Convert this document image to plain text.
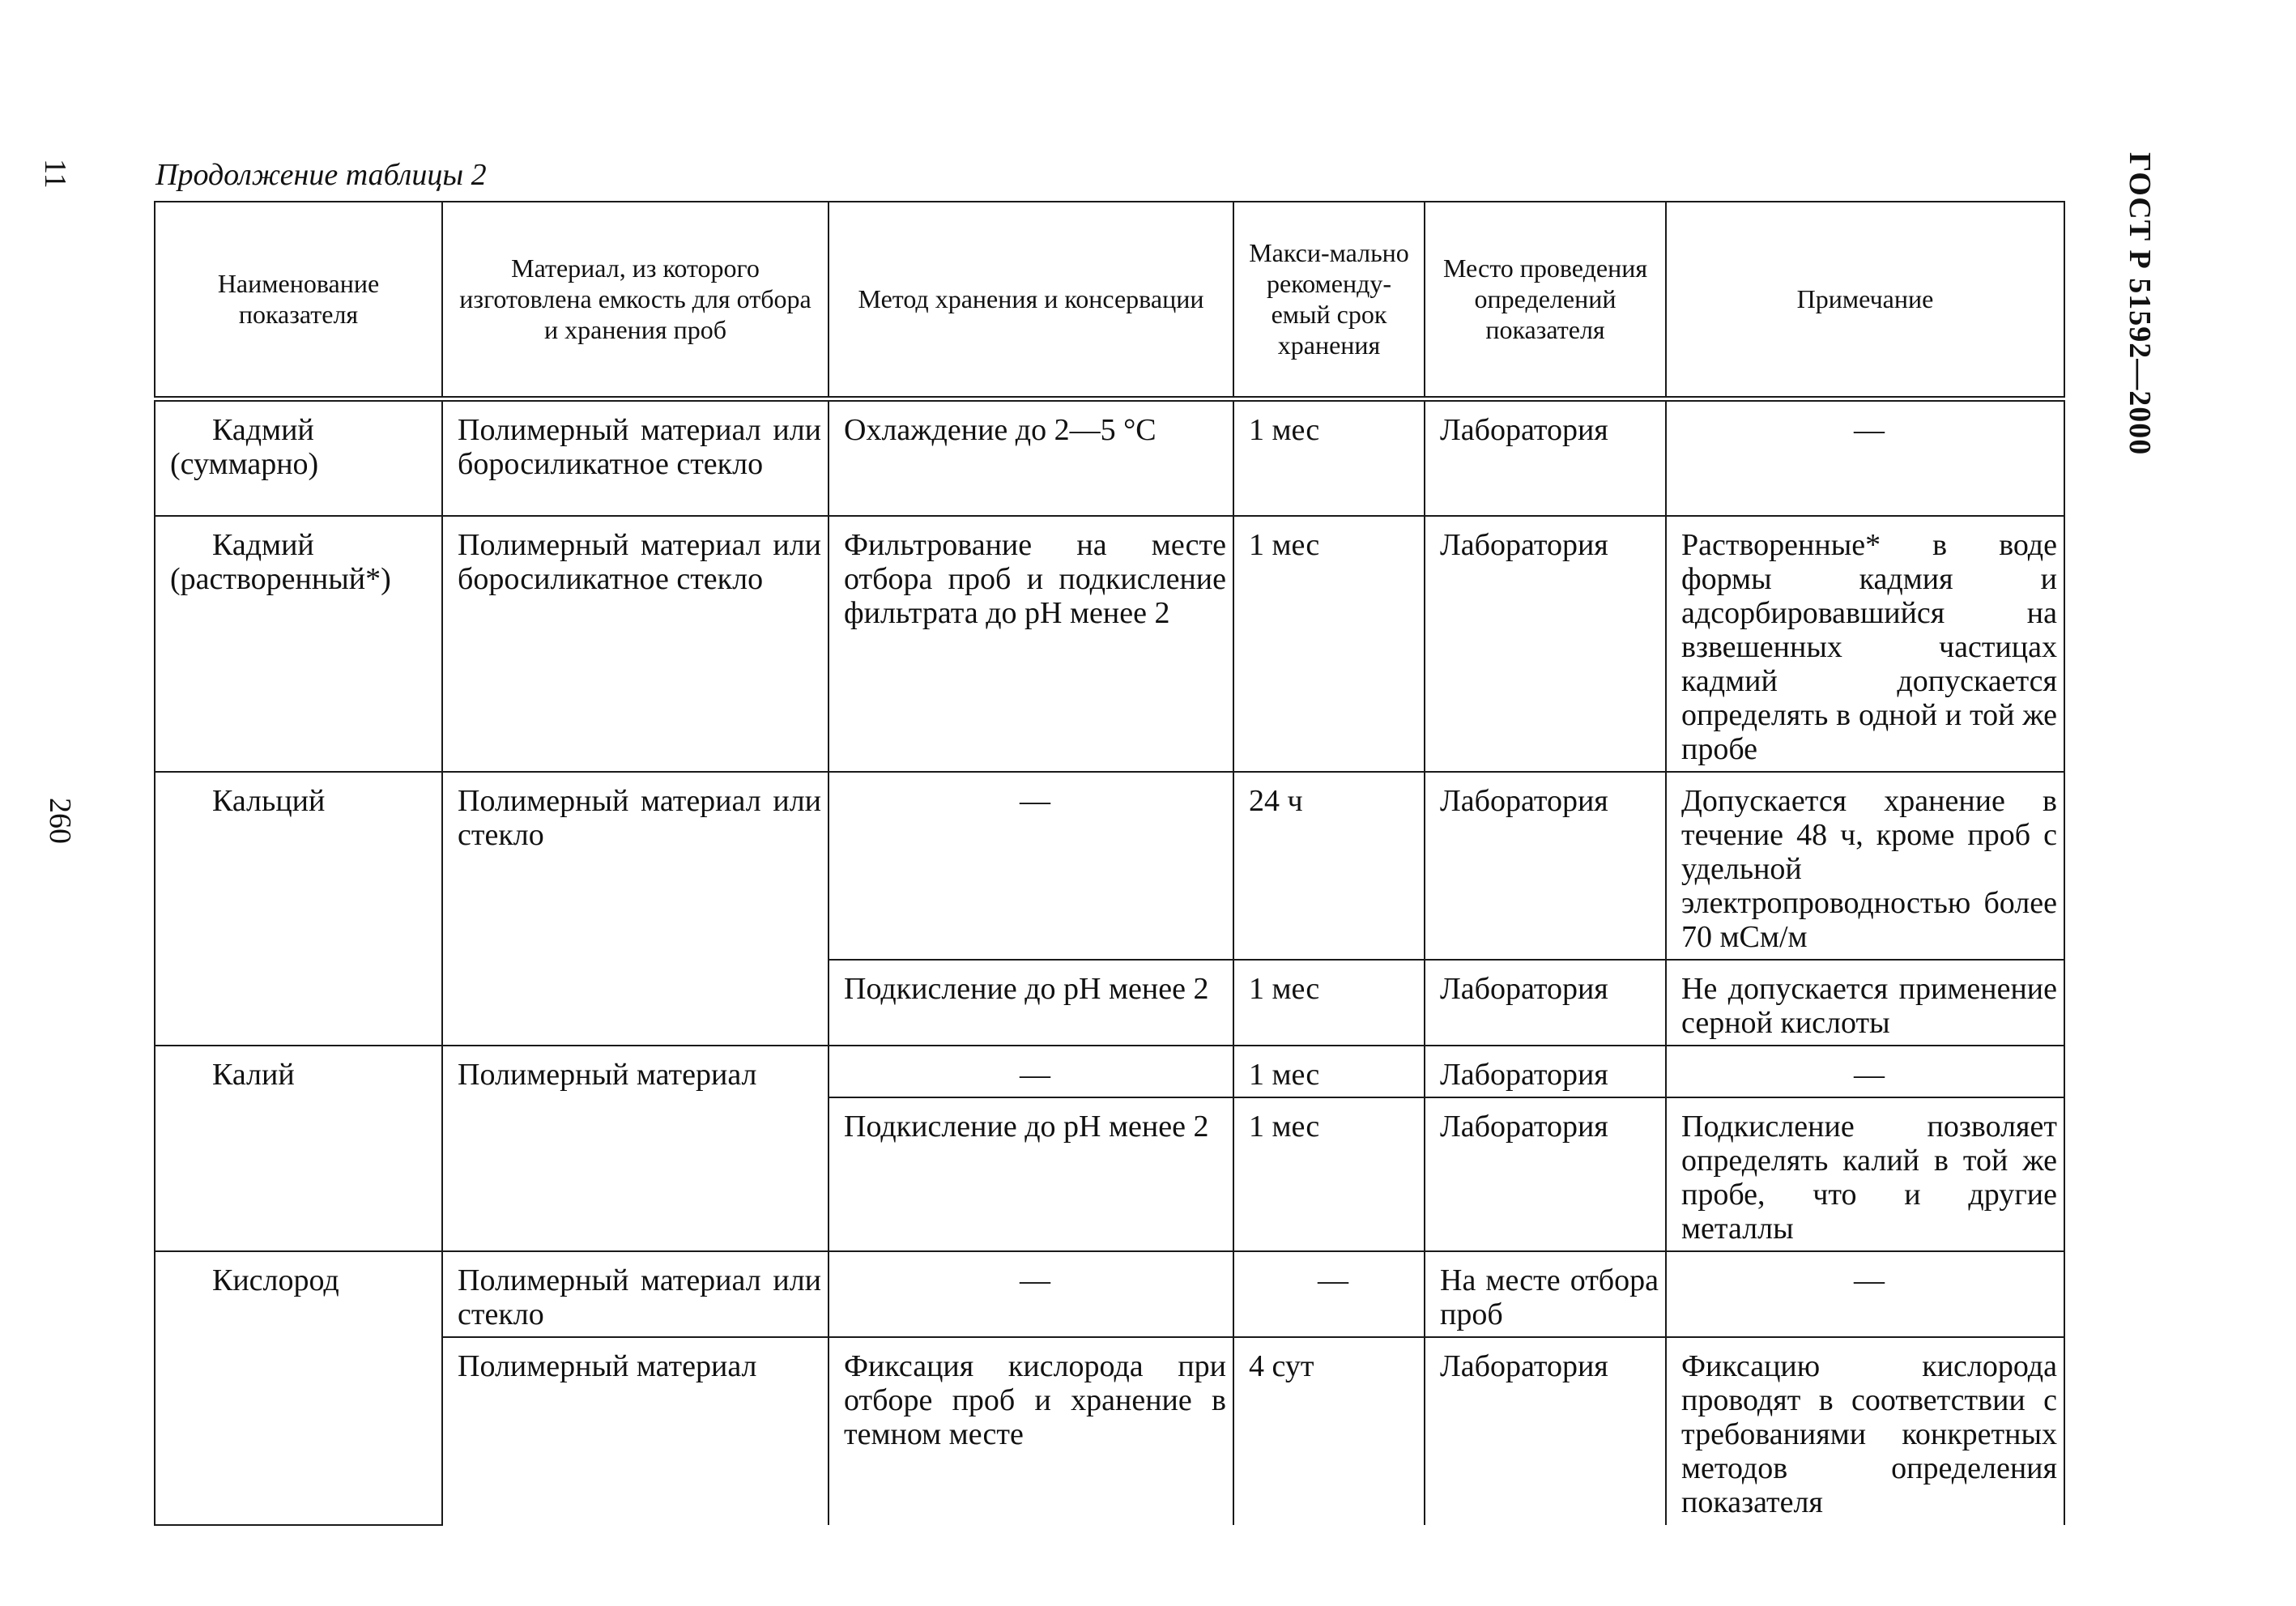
11
260
ГОСТ Р 51592—2000
Продолжение таблицы 2
Наименование показателя	Материал, из которого изготовлена емкость для отбора и хранения проб	Метод хранения и консервации	Макси-мально рекоменду-емый срок хранения	Место проведения определений показателя	Примечание
Кадмий (суммарно)	Полимерный материал или боросиликатное стекло	Охлаждение до 2—5 °С	1 мес	Лаборатория	—
Кадмий (растворенный*)	Полимерный материал или боросиликатное стекло	Фильтрование на месте отбора проб и подкисление фильтрата до рН менее 2	1 мес	Лаборатория	Растворенные* в воде формы кадмия и адсорбировавшийся на взвешенных частицах кадмий допускается определять в одной и той же пробе
Кальций	Полимерный материал или стекло	—	24 ч	Лаборатория	Допускается хранение в течение 48 ч, кроме проб с удельной электропроводностью более 70 мСм/м
		Подкисление до рН менее 2	1 мес	Лаборатория	Не допускается применение серной кислоты
Калий	Полимерный материал	—	1 мес	Лаборатория	—
		Подкисление до рН менее 2	1 мес	Лаборатория	Подкисление позволяет определять калий в той же пробе, что и другие металлы
Кислород	Полимерный материал или стекло	—	—	На месте отбора проб	—
	Полимерный материал	Фиксация кислорода при отборе проб и хранение в темном месте	4 сут	Лаборатория	Фиксацию кислорода проводят в соответствии с требованиями конкретных методов определения показателя
